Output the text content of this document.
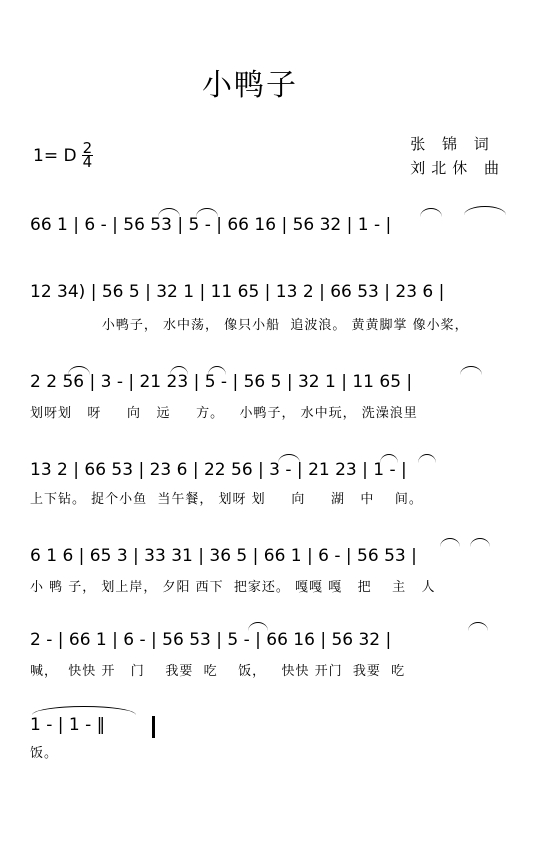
小鸭子
1= D $\frac{2}{4}$	张 锦 词
刘北休 曲
66 1 | 6 - | 56 53 | 5 - | 66 16 | 56 32 | 1 - |
12 34) | 56 5 | 32 1 | 11 65 | 13 2 | 66 53 | 23 6 |
小鸭子， 水中荡， 像只小船  追波浪。 黄黄脚掌 像小桨，
2 2 56 | 3 - | 21 23 | 5 - | 56 5 | 32 1 | 11 65 |
划呀划   呀     向   远     方。   小鸭子， 水中玩， 洗澡浪里
13 2 | 66 53 | 23 6 | 22 56 | 3 - | 21 23 | 1 - |
上下钻。 捉个小鱼  当午餐， 划呀 划     向     湖   中    间。
6 1 6 | 65 3 | 33 31 | 36 5 | 66 1 | 6 - | 56 53 |
小 鸭 子， 划上岸， 夕阳 西下  把家还。 嘎嘎 嘎   把    主   人
2 - | 66 1 | 6 - | 56 53 | 5 - | 66 16 | 56 32 |
喊，  快快 开   门    我要  吃    饭，   快快 开门  我要  吃
1 - | 1 - ‖
饭。
